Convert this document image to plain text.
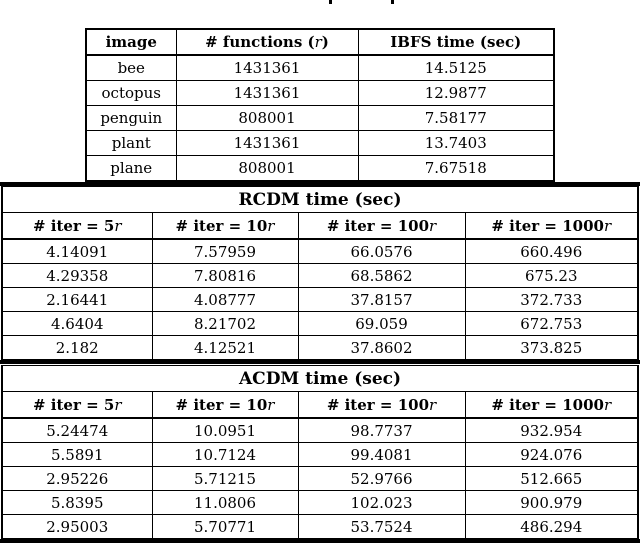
image	# functions (r)	IBFS time (sec)
bee	1431361	14.5125
octopus	1431361	12.9877
penguin	808001	7.58177
plant	1431361	13.7403
plane	808001	7.67518
RCDM time (sec)			
# iter = 5r	# iter = 10r	# iter = 100r	# iter = 1000r
4.14091	7.57959	66.0576	660.496
4.29358	7.80816	68.5862	675.23
2.16441	4.08777	37.8157	372.733
4.6404	8.21702	69.059	672.753
2.182	4.12521	37.8602	373.825
ACDM time (sec)			
# iter = 5r	# iter = 10r	# iter = 100r	# iter = 1000r
5.24474	10.0951	98.7737	932.954
5.5891	10.7124	99.4081	924.076
2.95226	5.71215	52.9766	512.665
5.8395	11.0806	102.023	900.979
2.95003	5.70771	53.7524	486.294
